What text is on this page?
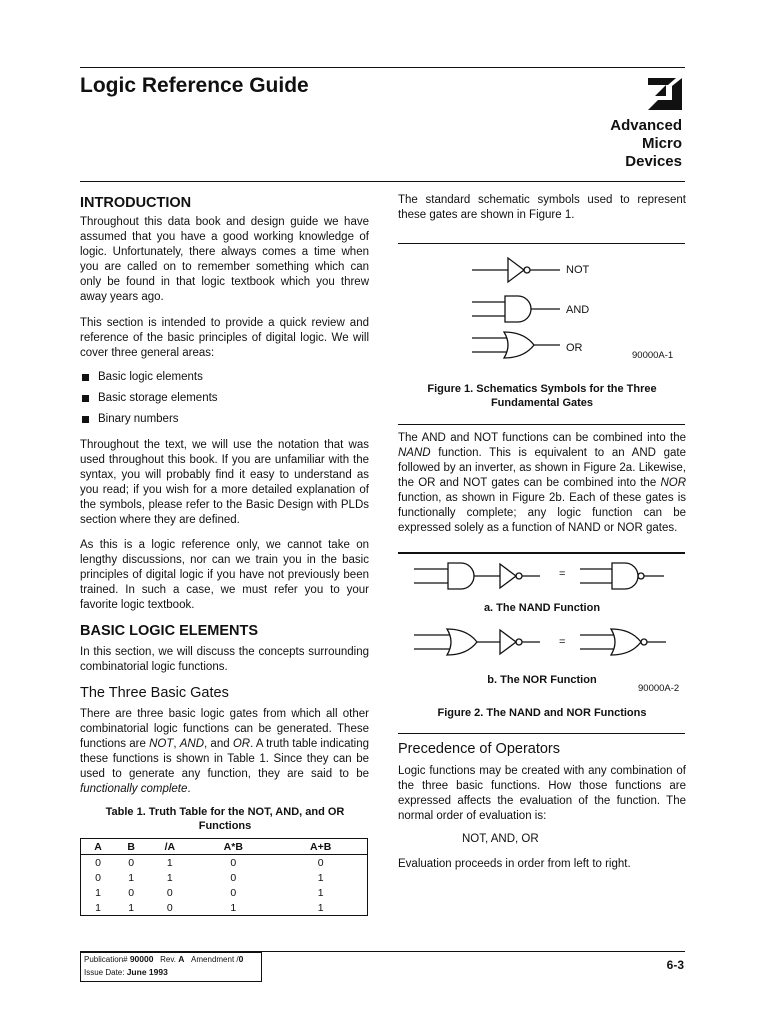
Logic Reference Guide
Advanced
Micro
Devices
INTRODUCTION

Throughout this data book and design guide we have assumed that you have a good working knowledge of logic. Unfortunately, there always comes a time when you are called on to remember something which can only be found in that logic textbook which you threw away years ago.

This section is intended to provide a quick review and reference of the basic principles of digital logic. We will cover three general areas:

Basic logic elements
Basic storage elements
Binary numbers

Throughout the text, we will use the notation that was used throughout this book. If you are unfamiliar with the syntax, you will probably find it easy to understand as you read; if you wish for a more detailed explanation of the symbols, please refer to the Basic Design with PLDs section where they are defined.

As this is a logic reference only, we cannot take on lengthy discussions, nor can we train you in the basic principles of digital logic if you have not previously been trained. In such a case, we must refer you to your favorite logic textbook.

BASIC LOGIC ELEMENTS

In this section, we will discuss the concepts surrounding combinatorial logic functions.

The Three Basic Gates

There are three basic logic gates from which all other combinatorial logic functions can be generated. These functions are NOT, AND, and OR. A truth table indicating these functions is shown in Table 1. Since they can be used to generate any function, they are said to be functionally complete.

Table 1. Truth Table for the NOT, AND, and OR Functions
A	B	/A	A*B	A+B
0	0	1	0	0
0	1	1	0	1
1	0	0	0	1
1	1	0	1	1

The standard schematic symbols used to represent these gates are shown in Figure 1.

NOT
AND
OR
90000A-1
Figure 1. Schematics Symbols for the Three Fundamental Gates

The AND and NOT functions can be combined into the NAND function. This is equivalent to an AND gate followed by an inverter, as shown in Figure 2a. Likewise, the OR and NOT gates can be combined into the NOR function, as shown in Figure 2b. Each of these gates is functionally complete; any logic function can be expressed solely as a function of NAND or NOR gates.

=
a. The NAND Function
=
b. The NOR Function
90000A-2
Figure 2. The NAND and NOR Functions
Precedence of Operators

Logic functions may be created with any combination of the three basic functions. How those functions are expressed affects the evaluation of the function. The normal order of evaluation is:

NOT, AND, OR
Evaluation proceeds in order from left to right.
Publication#
90000
Rev.
A
Amendment / 0
Issue Date:
June 1993	6-3
